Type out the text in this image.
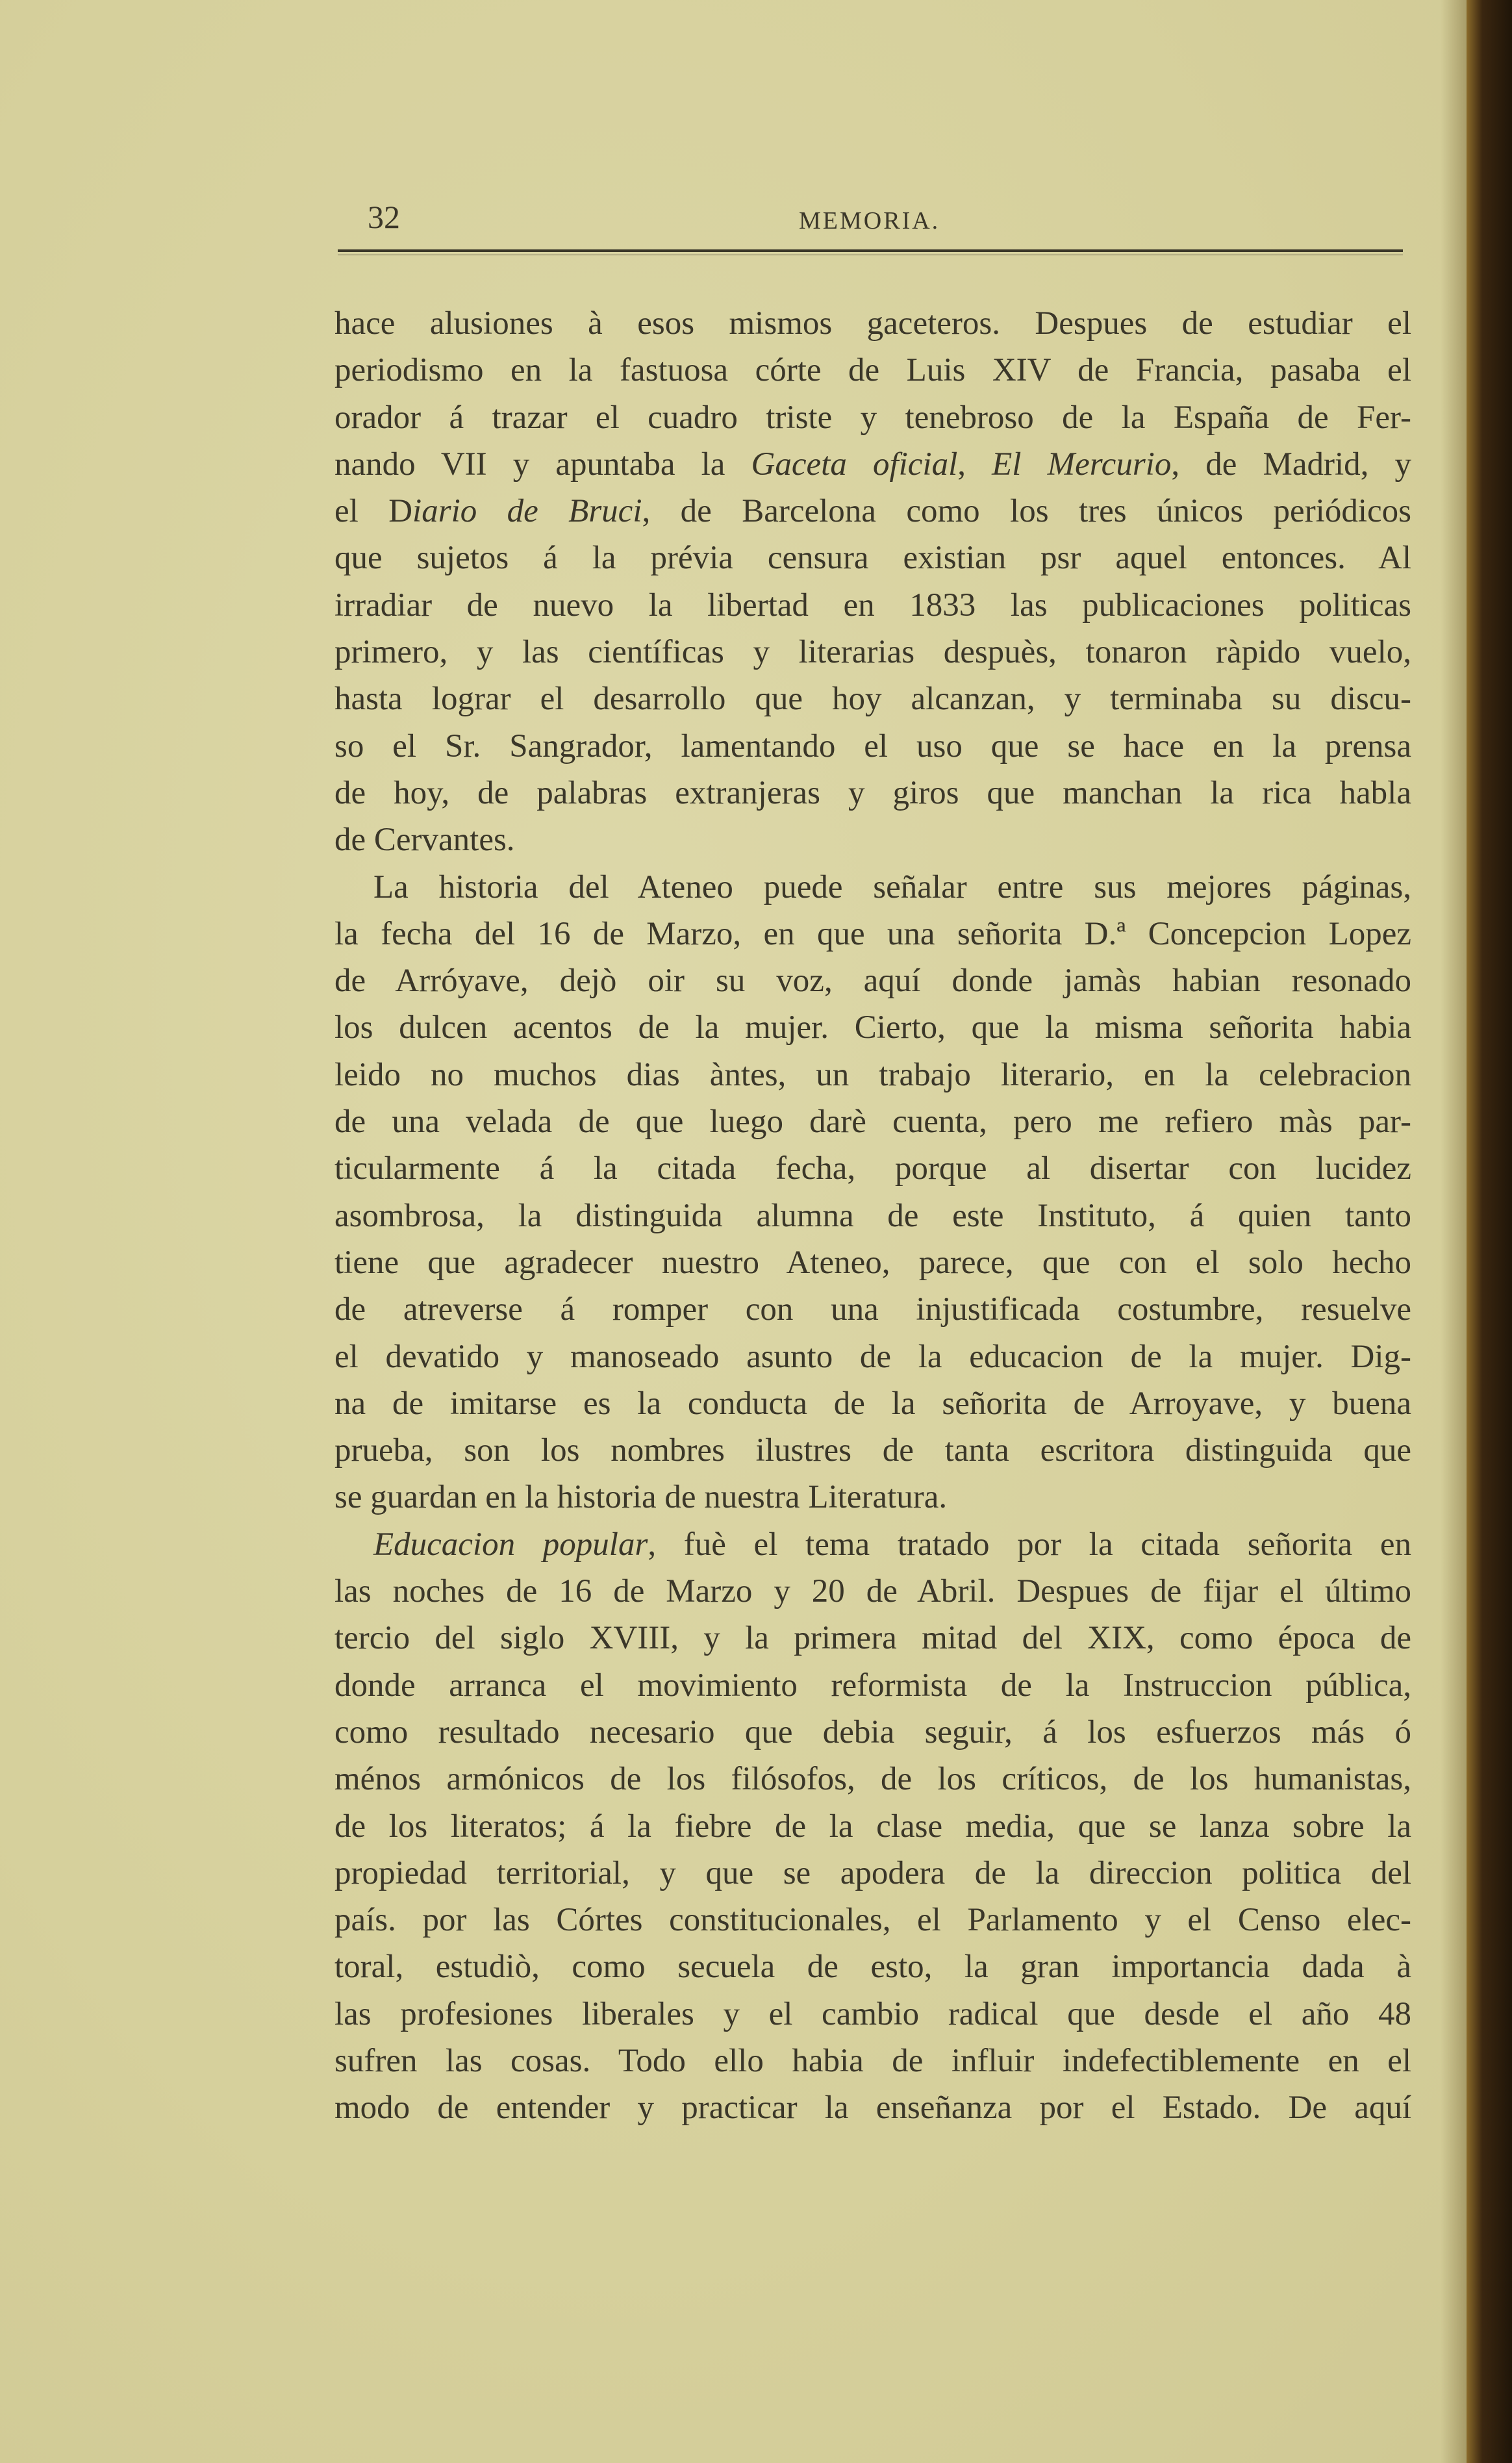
32	MEMORIA.
hace alusiones à esos mismos gaceteros. Despues de estudiar el
periodismo en la fastuosa córte de Luis XIV de Francia, pasaba el
orador á trazar el cuadro triste y tenebroso de la España de Fer-
nando VII y apuntaba la Gaceta oficial, El Mercurio, de Madrid, y
el Diario de Bruci, de Barcelona como los tres únicos periódicos
que sujetos á la prévia censura existian psr aquel entonces. Al
irradiar de nuevo la libertad en 1833 las publicaciones politicas
primero, y las científicas y literarias despuès, tonaron ràpido vuelo,
hasta lograr el desarrollo que hoy alcanzan, y terminaba su discu-
so el Sr. Sangrador, lamentando el uso que se hace en la prensa
de hoy, de palabras extranjeras y giros que manchan la rica habla
de Cervantes.
La historia del Ateneo puede señalar entre sus mejores páginas,
la fecha del 16 de Marzo, en que una señorita D.ª Concepcion Lopez
de Arróyave, dejò oir su voz, aquí donde jamàs habian resonado
los dulcen acentos de la mujer. Cierto, que la misma señorita habia
leido no muchos dias àntes, un trabajo literario, en la celebracion
de una velada de que luego darè cuenta, pero me refiero màs par-
ticularmente á la citada fecha, porque al disertar con lucidez
asombrosa, la distinguida alumna de este Instituto, á quien tanto
tiene que agradecer nuestro Ateneo, parece, que con el solo hecho
de atreverse á romper con una injustificada costumbre, resuelve
el devatido y manoseado asunto de la educacion de la mujer. Dig-
na de imitarse es la conducta de la señorita de Arroyave, y buena
prueba, son los nombres ilustres de tanta escritora distinguida que
se guardan en la historia de nuestra Literatura.
Educacion popular, fuè el tema tratado por la citada señorita en
las noches de 16 de Marzo y 20 de Abril. Despues de fijar el último
tercio del siglo XVIII, y la primera mitad del XIX, como época de
donde arranca el movimiento reformista de la Instruccion pública,
como resultado necesario que debia seguir, á los esfuerzos más ó
ménos armónicos de los filósofos, de los críticos, de los humanistas,
de los literatos; á la fiebre de la clase media, que se lanza sobre la
propiedad territorial, y que se apodera de la direccion politica del
país. por las Córtes constitucionales, el Parlamento y el Censo elec-
toral, estudiò, como secuela de esto, la gran importancia dada à
las profesiones liberales y el cambio radical que desde el año 48
sufren las cosas. Todo ello habia de influir indefectiblemente en el
modo de entender y practicar la enseñanza por el Estado. De aquí
